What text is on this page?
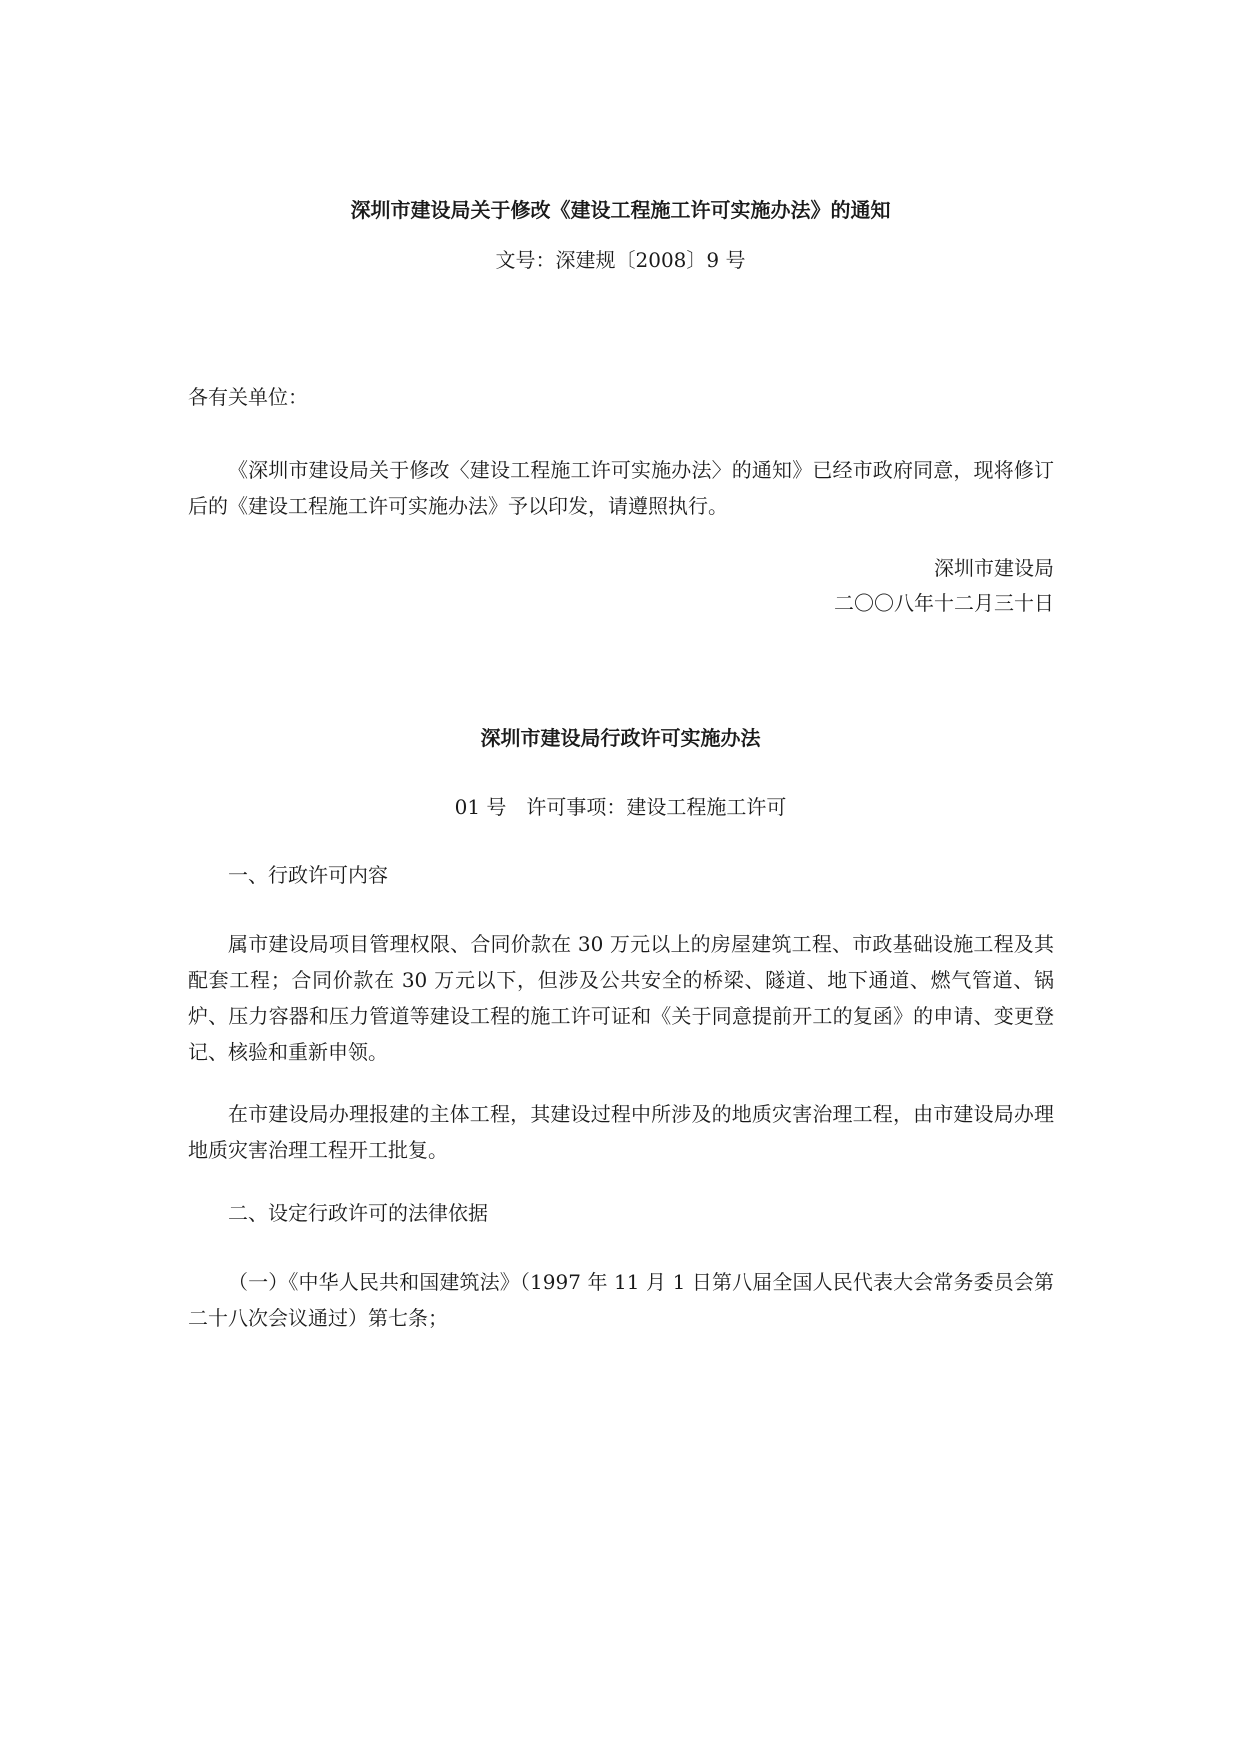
深圳市建设局关于修改《建设工程施工许可实施办法》的通知

文号：深建规〔2008〕9 号

各有关单位：

《深圳市建设局关于修改〈建设工程施工许可实施办法〉的通知》已经市政府同意，现将修订后的《建设工程施工许可实施办法》予以印发，请遵照执行。

深圳市建设局

二〇〇八年十二月三十日

深圳市建设局行政许可实施办法

01 号　许可事项：建设工程施工许可

一、行政许可内容

属市建设局项目管理权限、合同价款在 30 万元以上的房屋建筑工程、市政基础设施工程及其配套工程；合同价款在 30 万元以下，但涉及公共安全的桥梁、隧道、地下通道、燃气管道、锅炉、压力容器和压力管道等建设工程的施工许可证和《关于同意提前开工的复函》的申请、变更登记、核验和重新申领。

在市建设局办理报建的主体工程，其建设过程中所涉及的地质灾害治理工程，由市建设局办理地质灾害治理工程开工批复。

二、设定行政许可的法律依据

（一）《中华人民共和国建筑法》（1997 年 11 月 1 日第八届全国人民代表大会常务委员会第二十八次会议通过）第七条；
